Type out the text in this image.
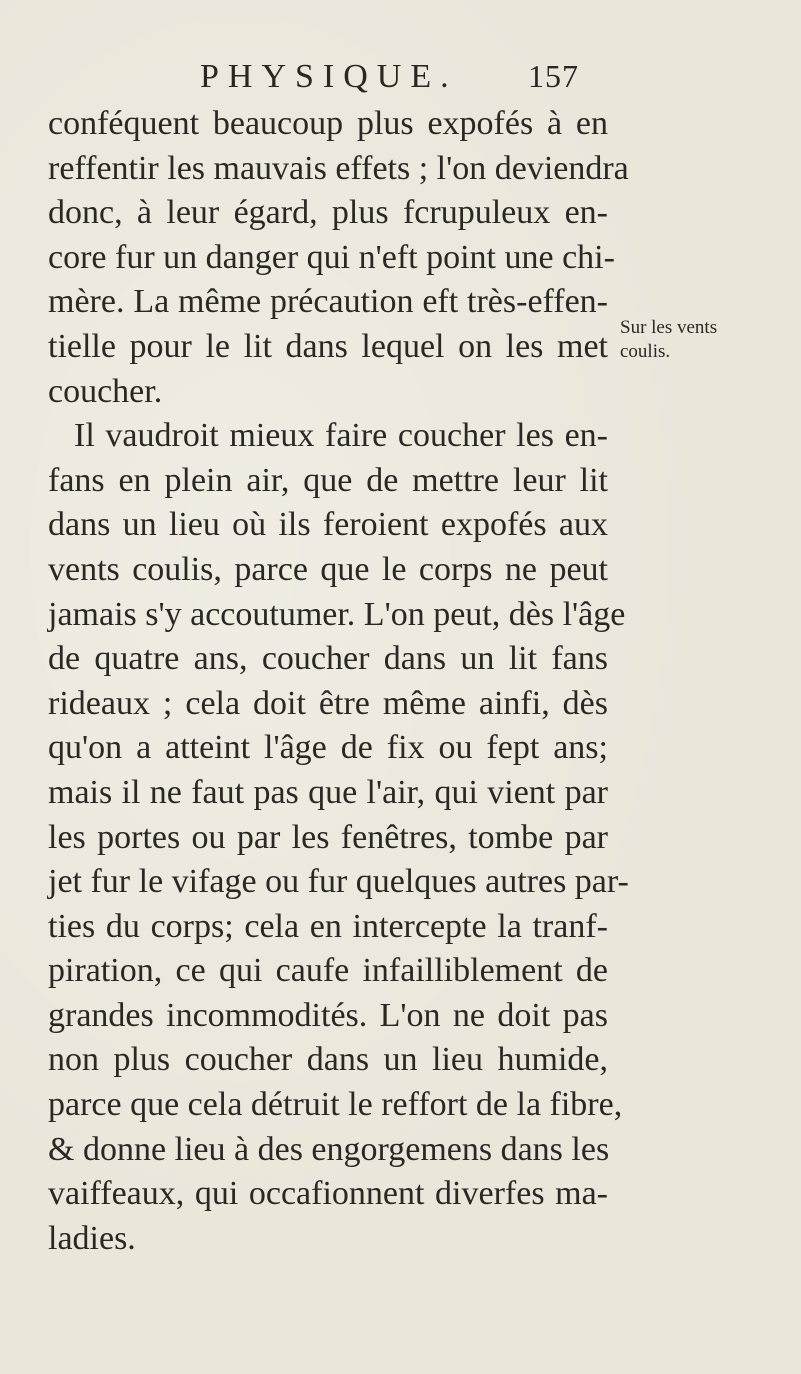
PHYSIQUE. 157
conféquent beaucoup plus expofés à en
reffentir les mauvais effets ; l'on deviendra
donc, à leur égard, plus fcrupuleux en-
core fur un danger qui n'eft point une chi-
mère. La même précaution eft très-effen-
tielle pour le lit dans lequel on les met
coucher.
Il vaudroit mieux faire coucher les en-
fans en plein air, que de mettre leur lit
dans un lieu où ils feroient expofés aux
vents coulis, parce que le corps ne peut
jamais s'y accoutumer. L'on peut, dès l'âge
de quatre ans, coucher dans un lit fans
rideaux ; cela doit être même ainfi, dès
qu'on a atteint l'âge de fix ou fept ans;
mais il ne faut pas que l'air, qui vient par
les portes ou par les fenêtres, tombe par
jet fur le vifage ou fur quelques autres par-
ties du corps; cela en intercepte la tranf-
piration, ce qui caufe infailliblement de
grandes incommodités. L'on ne doit pas
non plus coucher dans un lieu humide,
parce que cela détruit le reffort de la fibre,
& donne lieu à des engorgemens dans les
vaiffeaux, qui occafionnent diverfes ma-
ladies.
Sur les vents
coulis.
